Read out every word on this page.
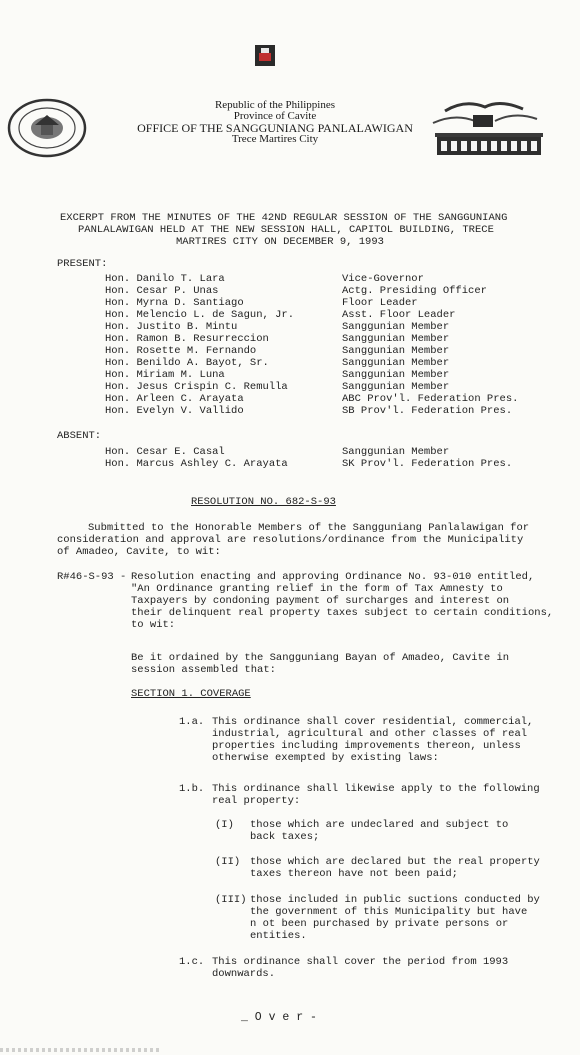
Republic of the Philippines
Province of Cavite
OFFICE OF THE SANGGUNIANG PANLALAWIGAN
Trece Martires City
EXCERPT FROM THE MINUTES OF THE 42ND REGULAR SESSION OF THE SANGGUNIANG
PANLALAWIGAN HELD AT THE NEW SESSION HALL, CAPITOL BUILDING, TRECE
MARTIRES CITY ON DECEMBER 9, 1993
PRESENT:
Hon. Danilo T. Lara	Vice-Governor
Hon. Cesar P. Unas	Actg. Presiding Officer
Hon. Myrna D. Santiago	Floor Leader
Hon. Melencio L. de Sagun, Jr.	Asst. Floor Leader
Hon. Justito B. Mintu	Sanggunian Member
Hon. Ramon B. Resurreccion	Sanggunian Member
Hon. Rosette M. Fernando	Sanggunian Member
Hon. Benildo A. Bayot, Sr.	Sanggunian Member
Hon. Miriam M. Luna	Sanggunian Member
Hon. Jesus Crispin C. Remulla	Sanggunian Member
Hon. Arleen C. Arayata	ABC Prov'l. Federation Pres.
Hon. Evelyn V. Vallido	SB Prov'l. Federation Pres.
ABSENT:
Hon. Cesar E. Casal	Sanggunian Member
Hon. Marcus Ashley C. Arayata	SK Prov'l. Federation Pres.
RESOLUTION NO. 682-S-93
Submitted to the Honorable Members of the Sangguniang Panlalawigan for
consideration and approval are resolutions/ordinance from the Municipality
of Amadeo, Cavite, to wit:
R#46-S-93 - Resolution enacting and approving Ordinance No. 93-010 entitled,
"An Ordinance granting relief in the form of Tax Amnesty to
Taxpayers by condoning payment of surcharges and interest on
their delinquent real property taxes subject to certain conditions,
to wit:
Be it ordained by the Sangguniang Bayan of Amadeo, Cavite in
session assembled that:
SECTION 1. COVERAGE
1.a. This ordinance shall cover residential, commercial,
industrial, agricultural and other classes of real
properties including improvements thereon, unless
otherwise exempted by existing laws:
1.b. This ordinance shall likewise apply to the following
real property:
(I) those which are undeclared and subject to
back taxes;
(II) those which are declared but the real property
taxes thereon have not been paid;
(III) those included in public suctions conducted by
the government of this Municipality but have
n ot been purchased by private persons or
entities.
1.c. This ordinance shall cover the period from 1993
downwards.
_ O v e r -
